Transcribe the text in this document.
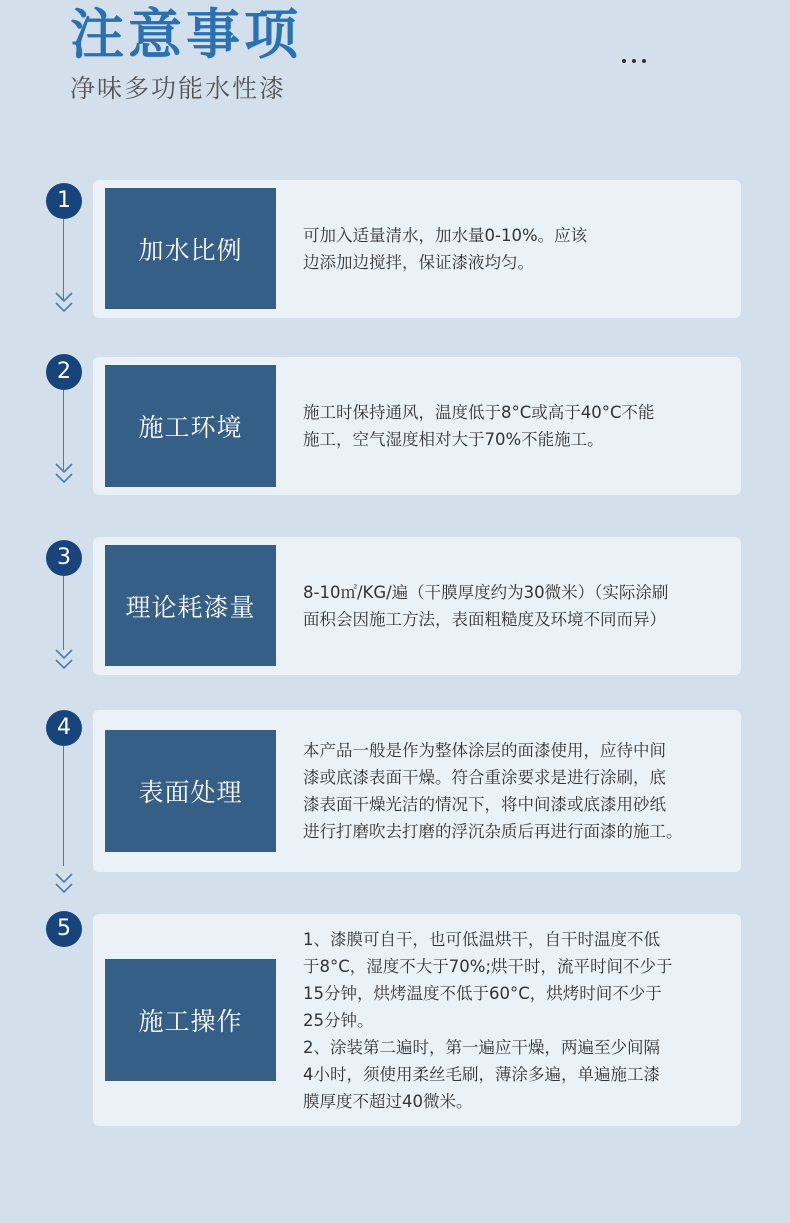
注意事项
净味多功能水性漆
1
加水比例	可加入适量清水，加水量0-10%。应该
边添加边搅拌，保证漆液均匀。
2
施工环境
施工时保持通风，温度低于8°C或高于40°C不能
施工，空气湿度相对大于70%不能施工。
3
理论耗漆量	8-10㎡/KG/遍（干膜厚度约为30微米）（实际涂刷
面积会因施工方法，表面粗糙度及环境不同而异）
4
表面处理
本产品一般是作为整体涂层的面漆使用，应待中间
漆或底漆表面干燥。符合重涂要求是进行涂刷，底
漆表面干燥光洁的情况下，将中间漆或底漆用砂纸
进行打磨吹去打磨的浮沉杂质后再进行面漆的施工。
5
施工操作
1、漆膜可自干，也可低温烘干，自干时温度不低
于8°C，湿度不大于70%;烘干时，流平时间不少于
15分钟，烘烤温度不低于60°C，烘烤时间不少于
25分钟。
2、涂装第二遍时，第一遍应干燥，两遍至少间隔
4小时，须使用柔丝毛刷，薄涂多遍，单遍施工漆
膜厚度不超过40微米。
